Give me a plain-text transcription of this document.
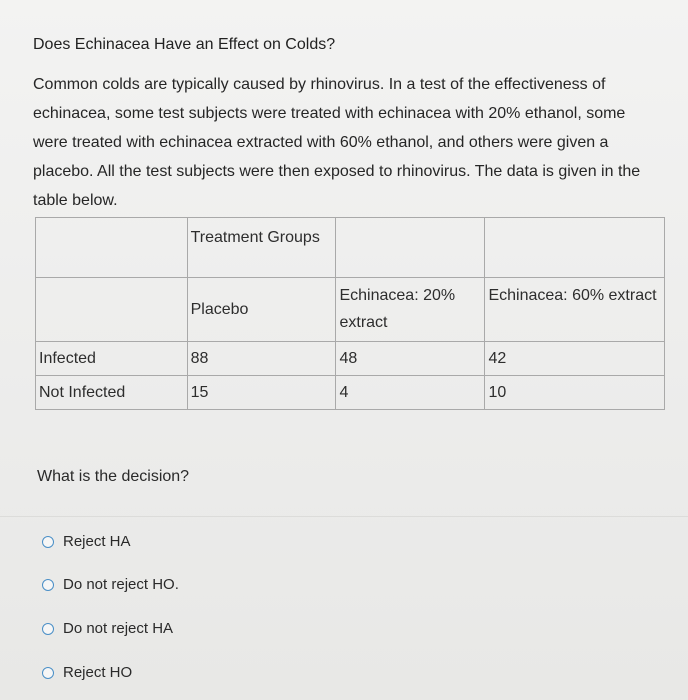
Does Echinacea Have an Effect on Colds?
Common colds are typically caused by rhinovirus. In a test of the effectiveness of echinacea, some test subjects were treated with echinacea with 20% ethanol, some were treated with echinacea extracted with 60% ethanol, and others were given a placebo. All the test subjects were then exposed to rhinovirus. The data is given in the table below.
	Treatment Groups		
	Placebo	Echinacea: 20% extract	Echinacea: 60% extract
Infected	88	48	42
Not Infected	15	4	10
What is the decision?
Reject HA
Do not reject HO.
Do not reject HA
Reject HO
